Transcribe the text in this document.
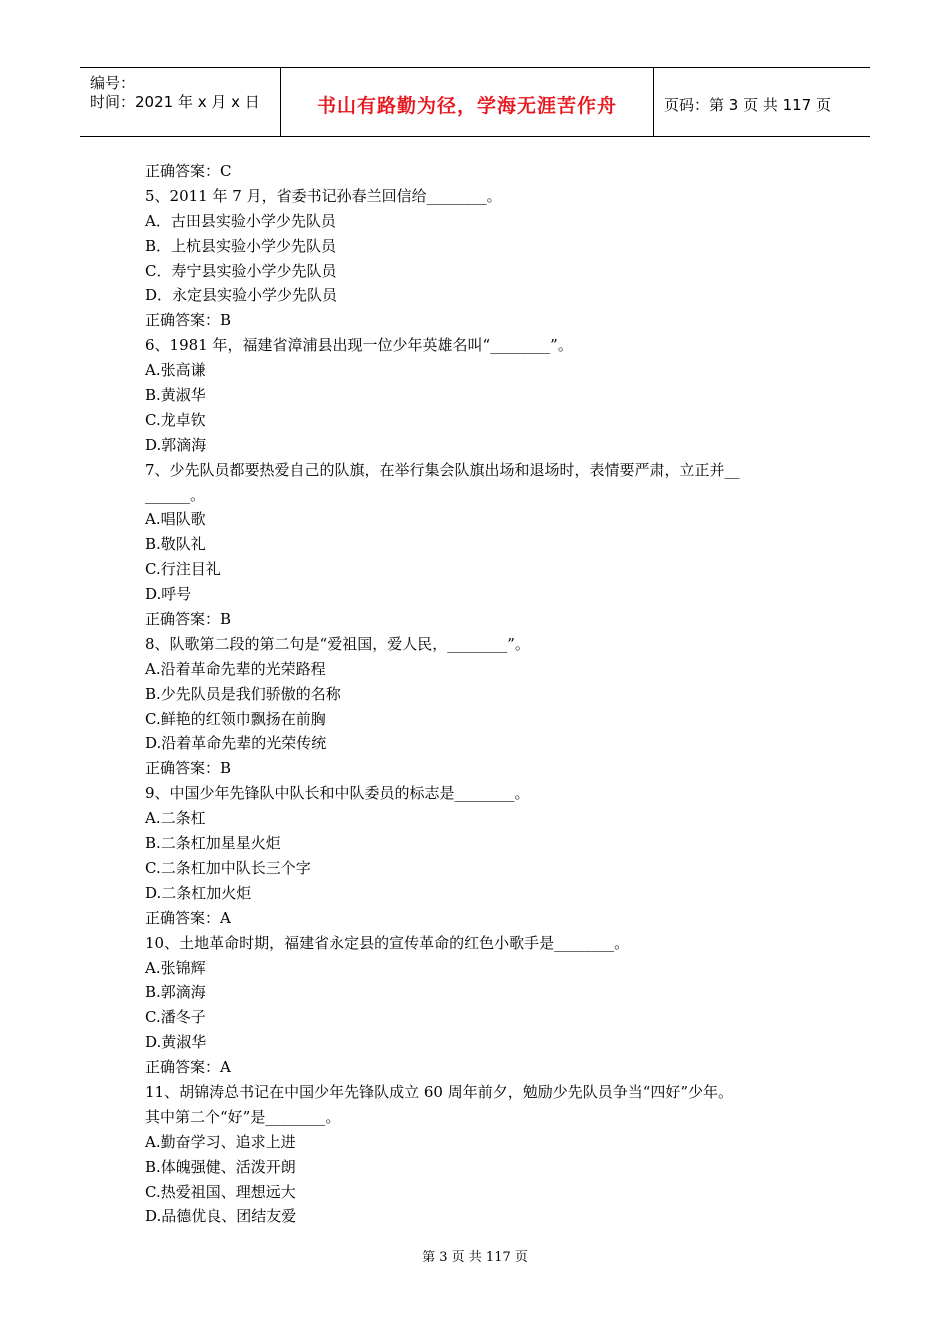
编号：
时间：2021 年 x 月 x 日	书山有路勤为径，学海无涯苦作舟	页码：第 3 页 共 117 页
正确答案：C
5、2011 年 7 月，省委书记孙春兰回信给________。
A．古田县实验小学少先队员
B．上杭县实验小学少先队员
C．寿宁县实验小学少先队员
D．永定县实验小学少先队员
正确答案：B
6、1981 年，福建省漳浦县出现一位少年英雄名叫“________”。
A.张高谦
B.黄淑华
C.龙卓钦
D.郭滴海
7、少先队员都要热爱自己的队旗，在举行集会队旗出场和退场时，表情要严肃，立正并__
______。
A.唱队歌
B.敬队礼
C.行注目礼
D.呼号
正确答案：B
8、队歌第二段的第二句是“爱祖国，爱人民，________”。
A.沿着革命先辈的光荣路程
B.少先队员是我们骄傲的名称
C.鲜艳的红领巾飘扬在前胸
D.沿着革命先辈的光荣传统
正确答案：B
9、中国少年先锋队中队长和中队委员的标志是________。
A.二条杠
B.二条杠加星星火炬
C.二条杠加中队长三个字
D.二条杠加火炬
正确答案：A
10、土地革命时期，福建省永定县的宣传革命的红色小歌手是________。
A.张锦辉
B.郭滴海
C.潘冬子
D.黄淑华
正确答案：A
11、胡锦涛总书记在中国少年先锋队成立 60 周年前夕，勉励少先队员争当“四好”少年。
其中第二个“好”是________。
A.勤奋学习、追求上进
B.体魄强健、活泼开朗
C.热爱祖国、理想远大
D.品德优良、团结友爱
第 3 页 共 117 页
